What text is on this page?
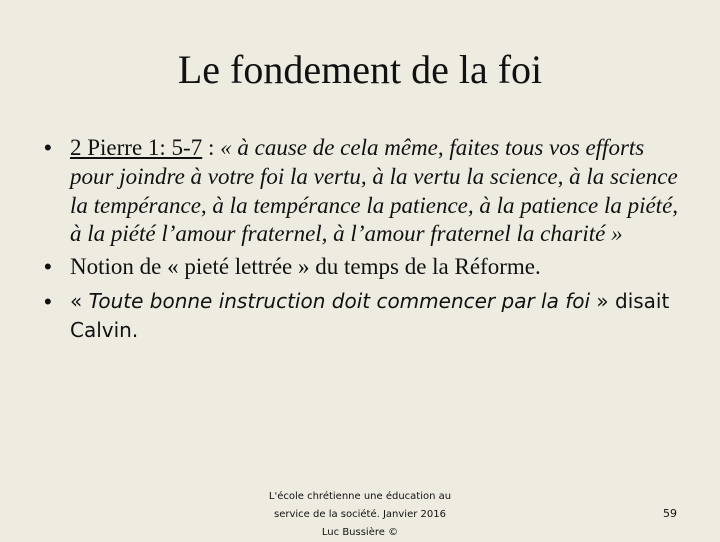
Le fondement de la foi
• 2 Pierre 1: 5-7 : « à cause de cela même, faites tous vos efforts pour joindre à votre foi la vertu, à la vertu la science, à la science la tempérance, à la tempérance la patience, à la patience la piété, à la piété l’amour fraternel, à l’amour fraternel la charité »
• Notion de « pieté lettrée » du temps de la Réforme.
• « Toute bonne instruction doit commencer par la foi » disait Calvin.
L'école chrétienne une éducation au
service de la société. Janvier 2016
Luc Bussière ©
59
